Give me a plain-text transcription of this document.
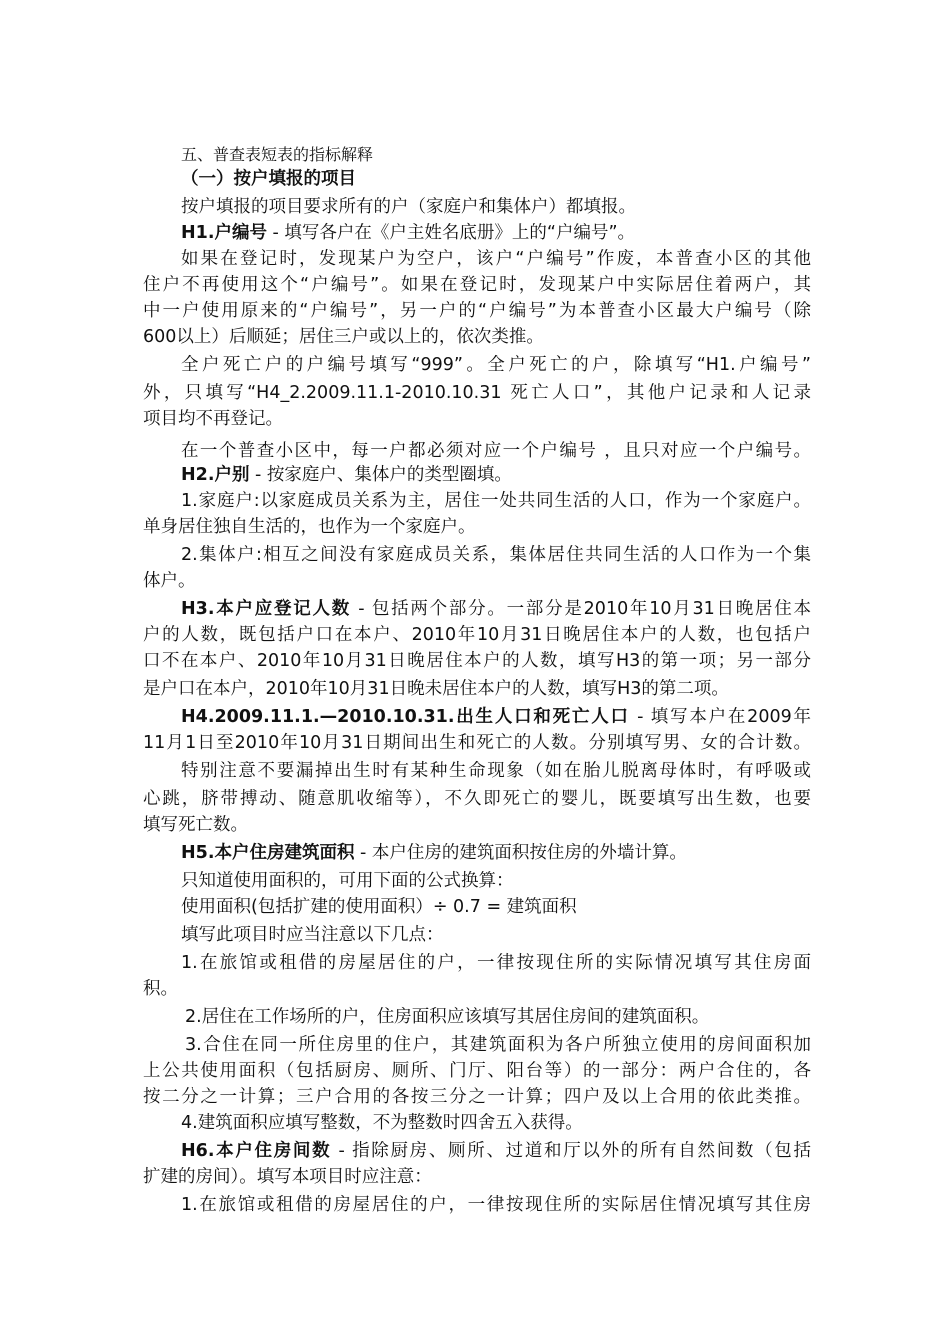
五、普查表短表的指标解释
（一）按户填报的项目
按户填报的项目要求所有的户（家庭户和集体户）都填报。
H1.户编号 - 填写各户在《户主姓名底册》上的“户编号”。
如果在登记时，发现某户为空户，该户“户编号”作废，本普查小区的其他
住户不再使用这个“户编号”。如果在登记时，发现某户中实际居住着两户，其
中一户使用原来的“户编号”，另一户的“户编号”为本普查小区最大户编号（除
600以上）后顺延；居住三户或以上的，依次类推。
全户死亡户的户编号填写“999”。全户死亡的户，除填写“H1.户编号”
外，只填写“H4_2.2009.11.1-2010.10.31 死亡人口”，其他户记录和人记录
项目均不再登记。
在一个普查小区中，每一户都必须对应一个户编号 ，且只对应一个户编号。
H2.户别 - 按家庭户、集体户的类型圈填。
1.家庭户:以家庭成员关系为主，居住一处共同生活的人口，作为一个家庭户。
单身居住独自生活的，也作为一个家庭户。
2.集体户:相互之间没有家庭成员关系，集体居住共同生活的人口作为一个集
体户。
H3.本户应登记人数 - 包括两个部分。一部分是2010年10月31日晚居住本
户的人数，既包括户口在本户、2010年10月31日晚居住本户的人数，也包括户
口不在本户、2010年10月31日晚居住本户的人数，填写H3的第一项；另一部分
是户口在本户，2010年10月31日晚未居住本户的人数，填写H3的第二项。
H4.2009.11.1.—2010.10.31.出生人口和死亡人口 - 填写本户在2009年
11月1日至2010年10月31日期间出生和死亡的人数。分别填写男、女的合计数。
特别注意不要漏掉出生时有某种生命现象（如在胎儿脱离母体时，有呼吸或
心跳，脐带搏动、随意肌收缩等），不久即死亡的婴儿，既要填写出生数，也要
填写死亡数。
H5.本户住房建筑面积 - 本户住房的建筑面积按住房的外墙计算。
只知道使用面积的，可用下面的公式换算：
使用面积(包括扩建的使用面积）÷ 0.7 = 建筑面积
填写此项目时应当注意以下几点：
1.在旅馆或租借的房屋居住的户，一律按现住所的实际情况填写其住房面
积。
2.居住在工作场所的户，住房面积应该填写其居住房间的建筑面积。
3.合住在同一所住房里的住户，其建筑面积为各户所独立使用的房间面积加
上公共使用面积（包括厨房、厕所、门厅、阳台等）的一部分：两户合住的，各
按二分之一计算；三户合用的各按三分之一计算；四户及以上合用的依此类推。
4.建筑面积应填写整数，不为整数时四舍五入获得。
H6.本户住房间数 - 指除厨房、厕所、过道和厅以外的所有自然间数（包括
扩建的房间）。填写本项目时应注意：
1.在旅馆或租借的房屋居住的户，一律按现住所的实际居住情况填写其住房
